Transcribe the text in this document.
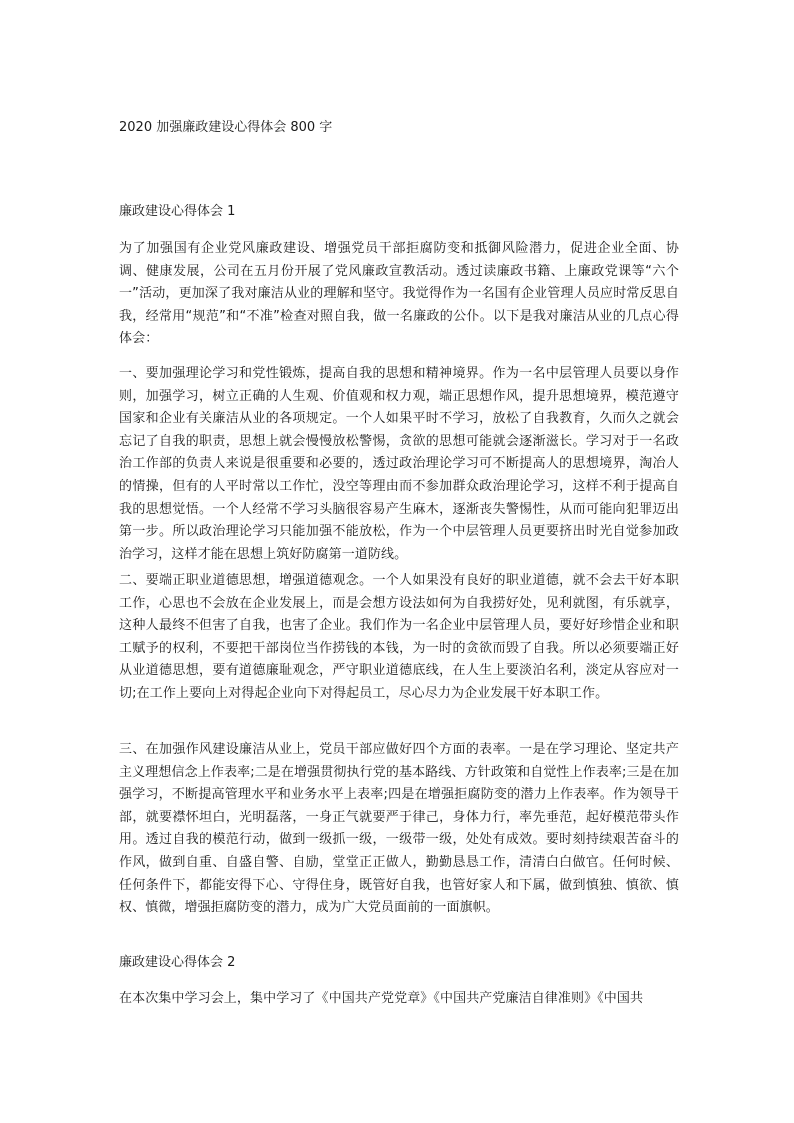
2020 加强廉政建设心得体会 800 字
廉政建设心得体会 1

为了加强国有企业党风廉政建设、增强党员干部拒腐防变和抵御风险潜力，促进企业全面、协调、健康发展，公司在五月份开展了党风廉政宣教活动。透过读廉政书籍、上廉政党课等“六个一”活动，更加深了我对廉洁从业的理解和坚守。我觉得作为一名国有企业管理人员应时常反思自我，经常用“规范”和“不准”检查对照自我，做一名廉政的公仆。以下是我对廉洁从业的几点心得体会：

一、要加强理论学习和党性锻炼，提高自我的思想和精神境界。作为一名中层管理人员要以身作则，加强学习，树立正确的人生观、价值观和权力观，端正思想作风，提升思想境界，模范遵守国家和企业有关廉洁从业的各项规定。一个人如果平时不学习，放松了自我教育，久而久之就会忘记了自我的职责，思想上就会慢慢放松警惕，贪欲的思想可能就会逐渐滋长。学习对于一名政治工作部的负责人来说是很重要和必要的，透过政治理论学习可不断提高人的思想境界，淘冶人的情操，但有的人平时常以工作忙，没空等理由而不参加群众政治理论学习，这样不利于提高自我的思想觉悟。一个人经常不学习头脑很容易产生麻木，逐渐丧失警惕性，从而可能向犯罪迈出第一步。所以政治理论学习只能加强不能放松，作为一个中层管理人员更要挤出时光自觉参加政治学习，这样才能在思想上筑好防腐第一道防线。

二、要端正职业道德思想，增强道德观念。一个人如果没有良好的职业道德，就不会去干好本职工作，心思也不会放在企业发展上，而是会想方设法如何为自我捞好处，见利就图，有乐就享，这种人最终不但害了自我，也害了企业。我们作为一名企业中层管理人员，要好好珍惜企业和职工赋予的权利，不要把干部岗位当作捞钱的本钱，为一时的贪欲而毁了自我。所以必须要端正好从业道德思想，要有道德廉耻观念，严守职业道德底线，在人生上要淡泊名利，淡定从容应对一切;在工作上要向上对得起企业向下对得起员工，尽心尽力为企业发展干好本职工作。

三、在加强作风建设廉洁从业上，党员干部应做好四个方面的表率。一是在学习理论、坚定共产主义理想信念上作表率;二是在增强贯彻执行党的基本路线、方针政策和自觉性上作表率;三是在加强学习，不断提高管理水平和业务水平上表率;四是在增强拒腐防变的潜力上作表率。作为领导干部，就要襟怀坦白，光明磊落，一身正气就要严于律己，身体力行，率先垂范，起好模范带头作用。透过自我的模范行动，做到一级抓一级，一级带一级，处处有成效。要时刻持续艰苦奋斗的作风，做到自重、自盛自警、自励，堂堂正正做人，勤勤恳恳工作，清清白白做官。任何时候、任何条件下，都能安得下心、守得住身，既管好自我，也管好家人和下属，做到慎独、慎欲、慎权、慎微，增强拒腐防变的潜力，成为广大党员面前的一面旗帜。

廉政建设心得体会 2

在本次集中学习会上，集中学习了《中国共产党党章》《中国共产党廉洁自律准则》《中国共
